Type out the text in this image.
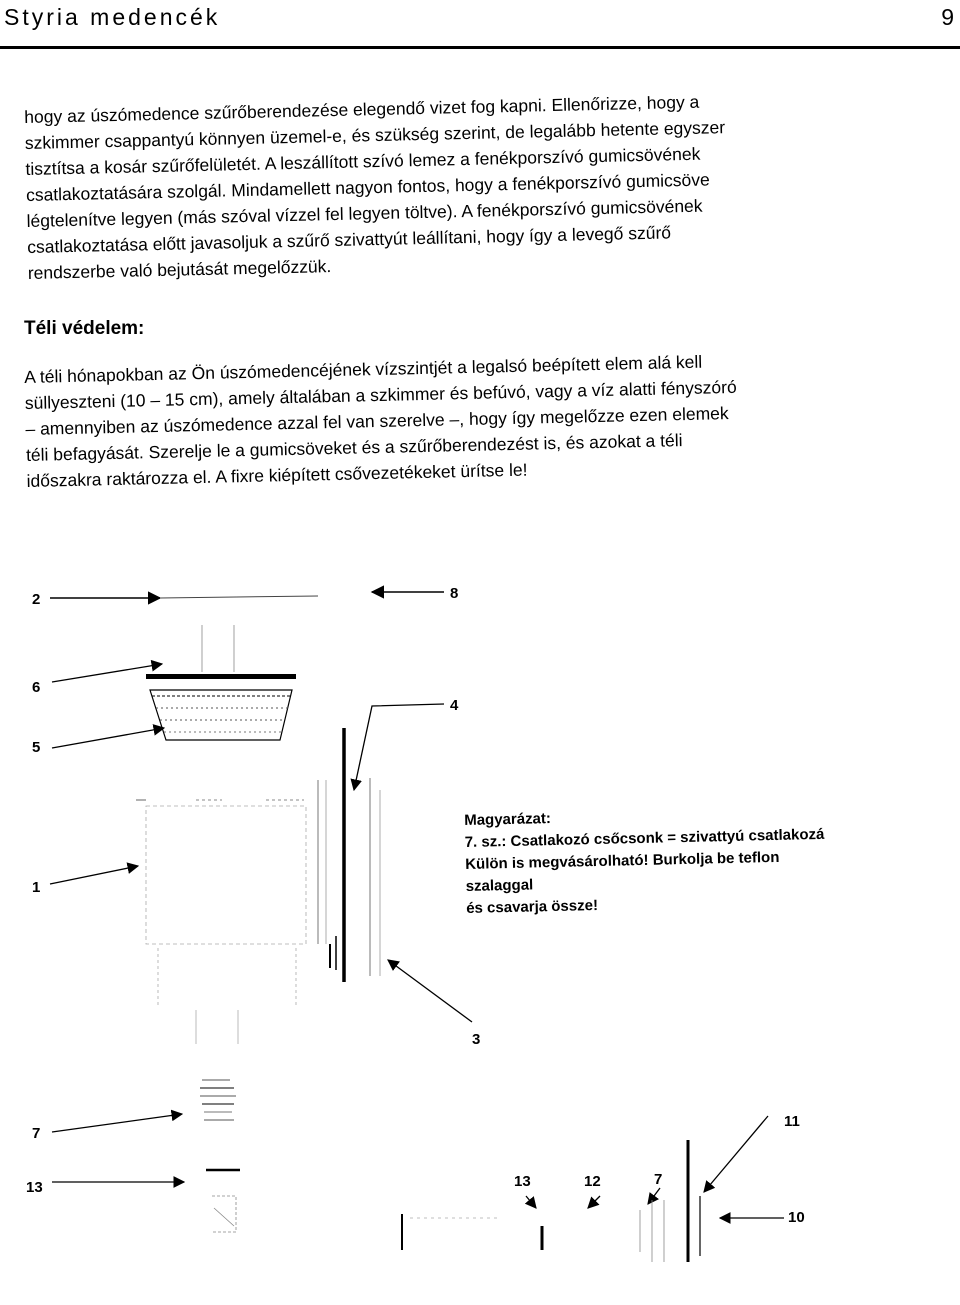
Styria medencék	9
hogy az úszómedence szűrőberendezése elegendő vizet fog kapni. Ellenőrizze, hogy a
szkimmer csappantyú könnyen üzemel-e, és szükség szerint, de legalább hetente egyszer
tisztítsa a kosár szűrőfelületét. A leszállított szívó lemez a fenékporszívó gumicsövének
csatlakoztatására szolgál. Mindamellett nagyon fontos, hogy a fenékporszívó gumicsöve
légtelenítve legyen (más szóval vízzel fel legyen töltve). A fenékporszívó gumicsövének
csatlakoztatása előtt javasoljuk a szűrő szivattyút leállítani, hogy így a levegő szűrő
rendszerbe való bejutását megelőzzük.
Téli védelem:
A téli hónapokban az Ön úszómedencéjének vízszintjét a legalsó beépített elem alá kell
süllyeszteni (10 – 15 cm), amely általában a szkimmer és befúvó, vagy a víz alatti fényszóró
– amennyiben az úszómedence azzal fel van szerelve –, hogy így megelőzze ezen elemek
téli befagyását. Szerelje le a gumicsöveket és a szűrőberendezést is, és azokat a téli
időszakra raktározza el. A fixre kiépített csővezetékeket ürítse le!
2	8
6
4
5
1
3
7
13
11
13	12	7
10
Magyarázat:
7. sz.: Csatlakozó csőcsonk = szivattyú csatlakozá
Külön is megvásárolható! Burkolja be teflon
szalaggal
és csavarja össze!
